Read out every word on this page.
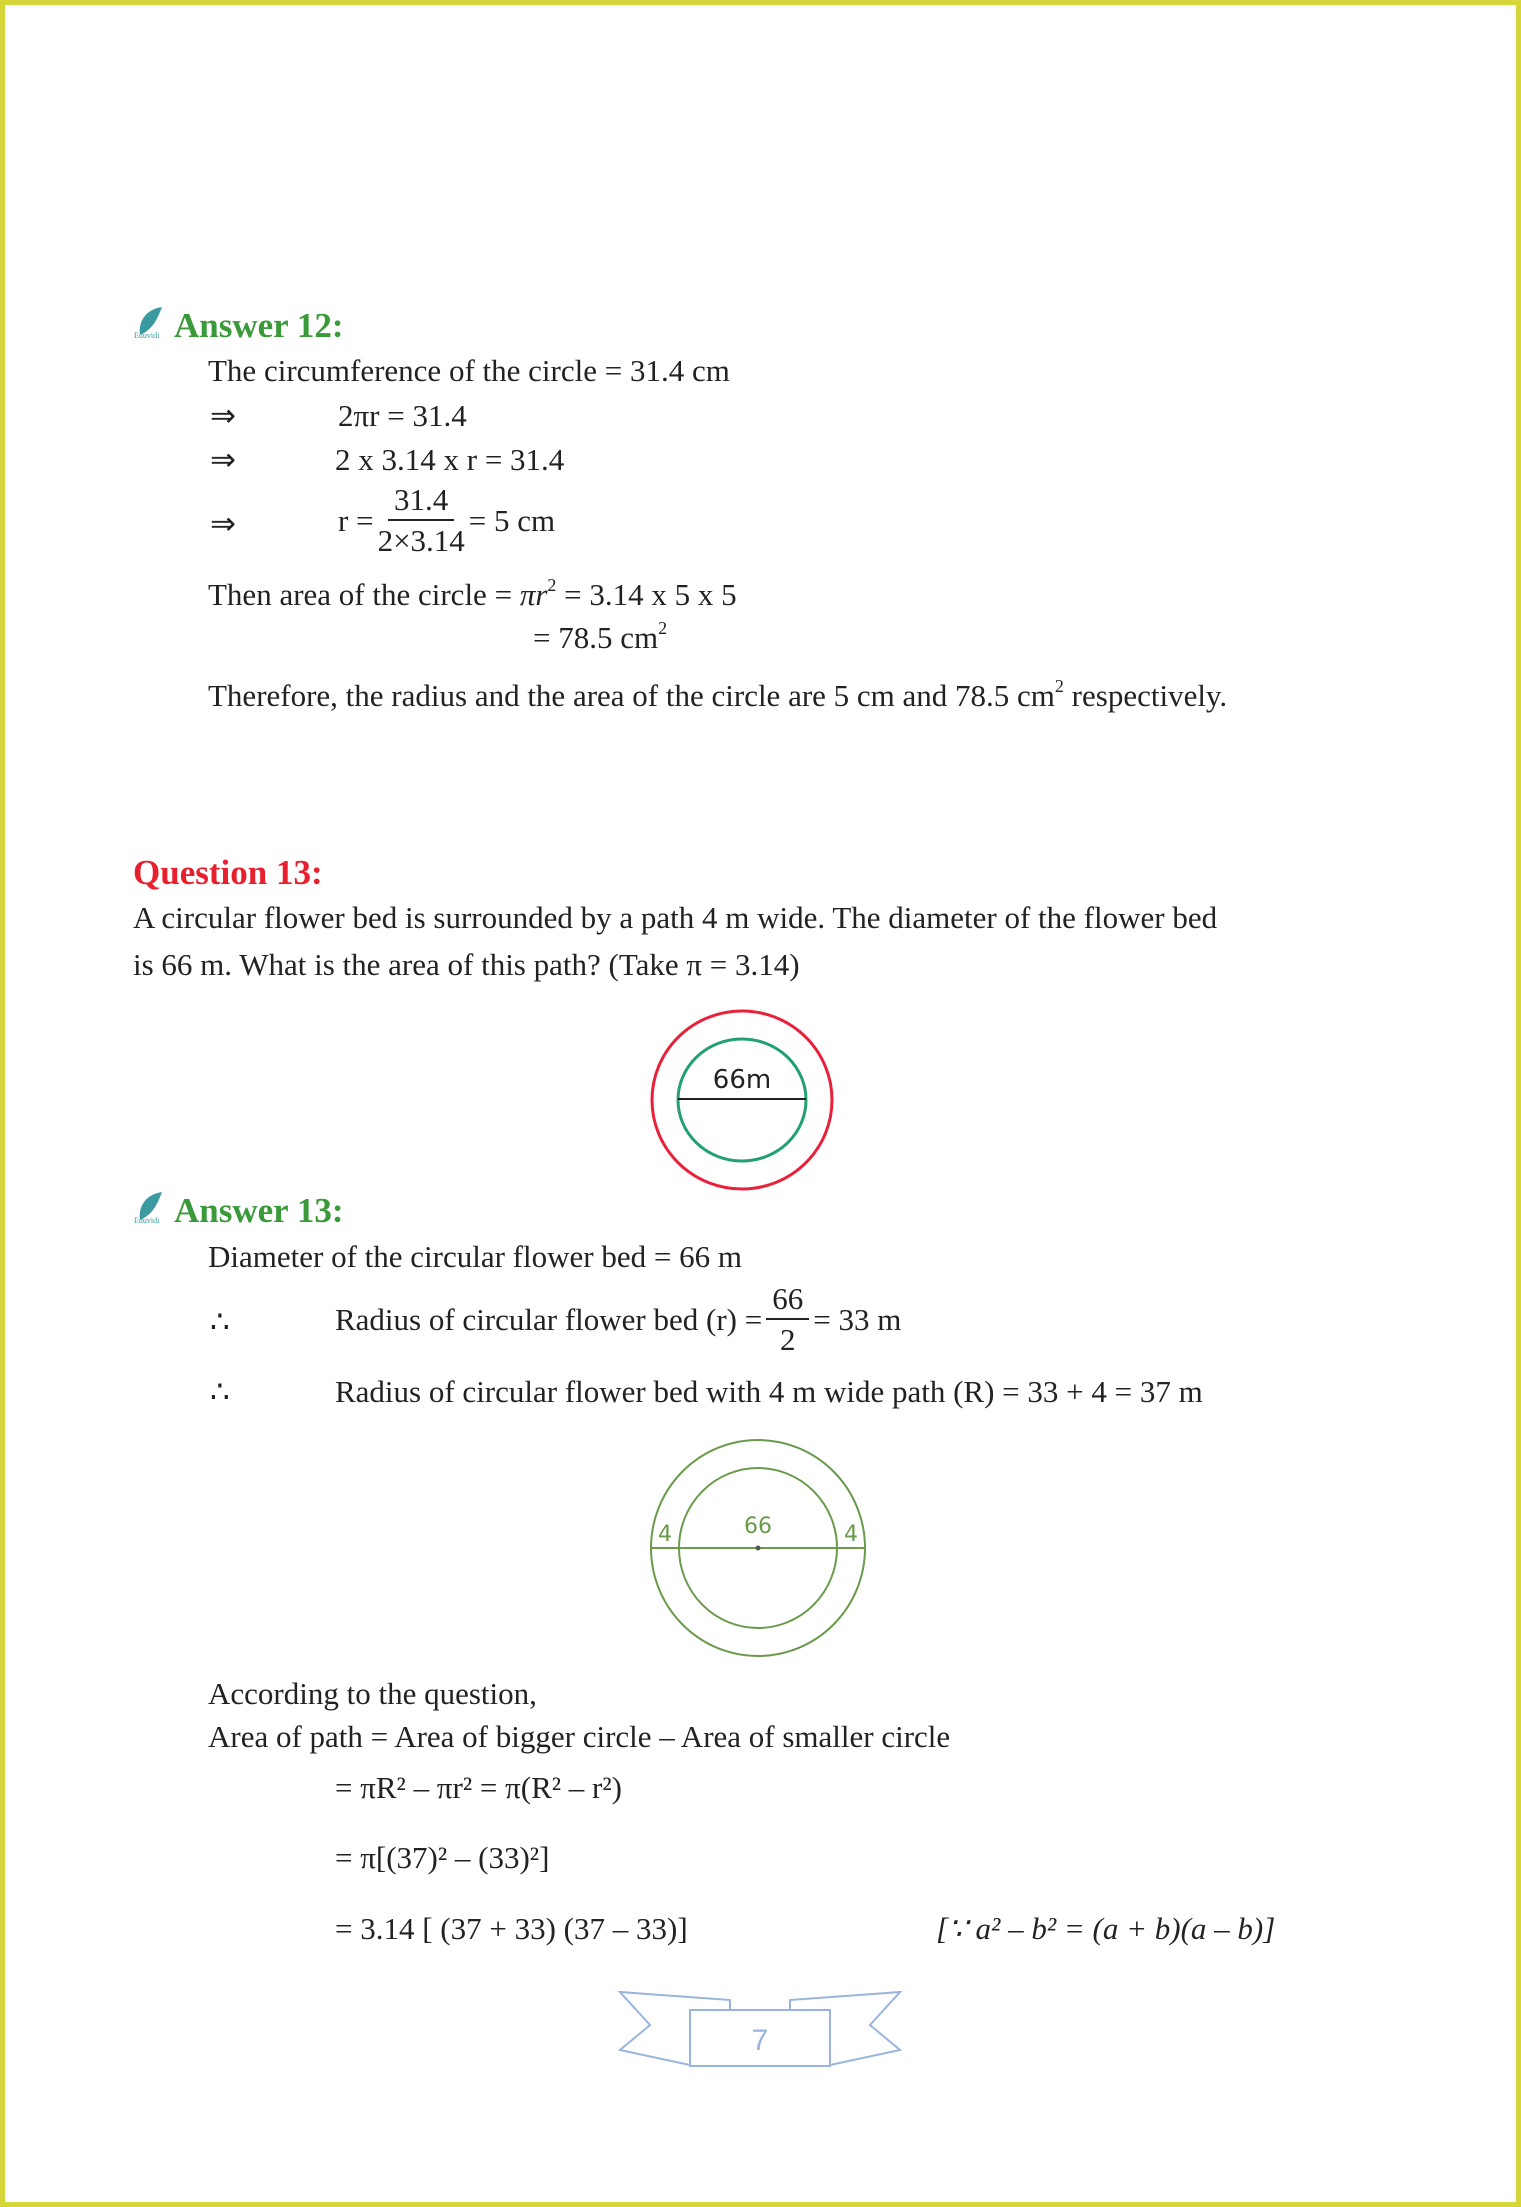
Eduvidi Answer 12:
The circumference of the circle = 31.4 cm
⇒	2πr = 31.4
⇒	2 x 3.14 x r = 31.4
⇒	$r = \frac{31.4}{2\times 3.14} = 5$ cm
Then area of the circle = $\pi r^2 = 3.14$ x 5 x 5
= 78.5 $cm^2$
Therefore, the radius and the area of the circle are 5 cm and 78.5 $cm^2$ respectively.
Question 13:
A circular flower bed is surrounded by a path 4 m wide. The diameter of the flower bed
is 66 m. What is the area of this path? (Take π = 3.14)
66m
Eduvidi Answer 13:
Diameter of the circular flower bed = 66 m
∴	Radius of circular flower bed $(r) = \frac{66}{2} = 33$ m
∴	Radius of circular flower bed with 4 m wide path (R) = 33 + 4 = 37 m
4	66	4
According to the question,
Area of path = Area of bigger circle – Area of smaller circle
= πR² – πr² = π(R² – r²)
= π[(37)² – (33)²]
= 3.14 [ (37 + 33) (37 – 33)]	[∵ a² – b² = (a + b)(a – b)]
7
